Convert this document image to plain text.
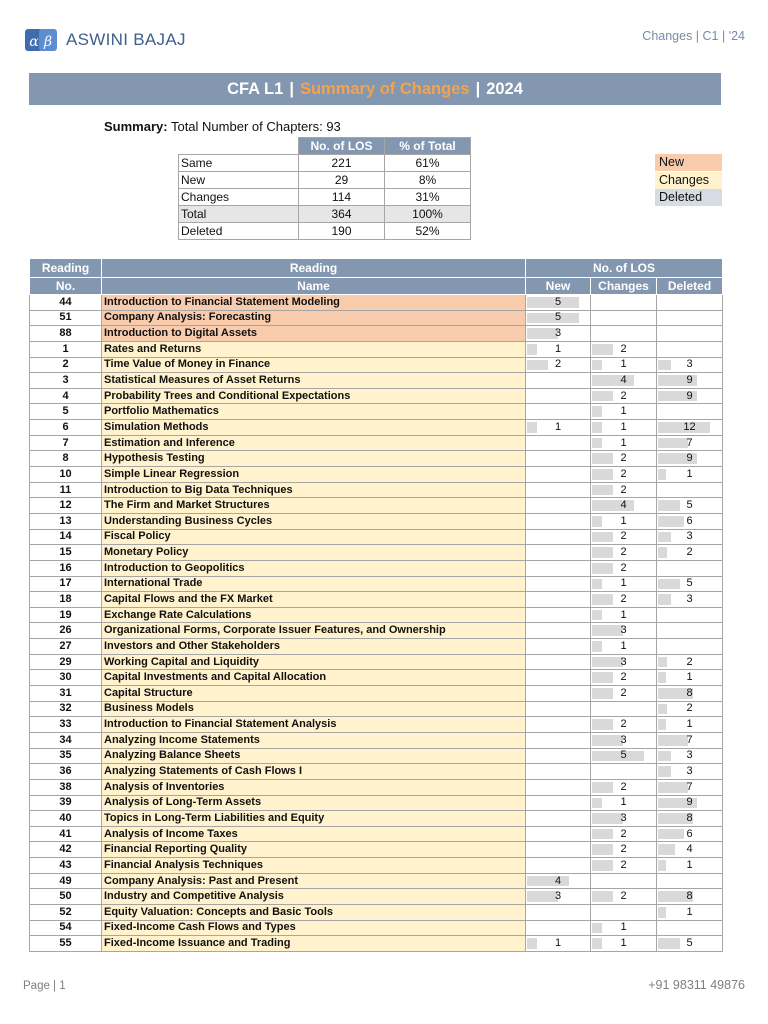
α β ASWINI BAJAJ	Changes | C1 | '24
CFA L1 | Summary of Changes | 2024
Summary: Total Number of Chapters: 93
	No. of LOS	% of Total
Same	221	61%
New	29	8%
Changes	114	31%
Total	364	100%
Deleted	190	52%
New
Changes
Deleted
Reading	Reading	No. of LOS		
No.	Name	New	Changes	Deleted
44	Introduction to Financial Statement Modeling	5		
51	Company Analysis: Forecasting	5		
88	Introduction to Digital Assets	3		
1	Rates and Returns	1	2	
2	Time Value of Money in Finance	2	1	3
3	Statistical Measures of Asset Returns		4	9
4	Probability Trees and Conditional Expectations		2	9
5	Portfolio Mathematics		1	
6	Simulation Methods	1	1	12
7	Estimation and Inference		1	7
8	Hypothesis Testing		2	9
10	Simple Linear Regression		2	1
11	Introduction to Big Data Techniques		2	
12	The Firm and Market Structures		4	5
13	Understanding Business Cycles		1	6
14	Fiscal Policy		2	3
15	Monetary Policy		2	2
16	Introduction to Geopolitics		2	
17	International Trade		1	5
18	Capital Flows and the FX Market		2	3
19	Exchange Rate Calculations		1	
26	Organizational Forms, Corporate Issuer Features, and Ownership		3	
27	Investors and Other Stakeholders		1	
29	Working Capital and Liquidity		3	2
30	Capital Investments and Capital Allocation		2	1
31	Capital Structure		2	8
32	Business Models			2
33	Introduction to Financial Statement Analysis		2	1
34	Analyzing Income Statements		3	7
35	Analyzing Balance Sheets		5	3
36	Analyzing Statements of Cash Flows I			3
38	Analysis of Inventories		2	7
39	Analysis of Long-Term Assets		1	9
40	Topics in Long-Term Liabilities and Equity		3	8
41	Analysis of Income Taxes		2	6
42	Financial Reporting Quality		2	4
43	Financial Analysis Techniques		2	1
49	Company Analysis: Past and Present	4		
50	Industry and Competitive Analysis	3	2	8
52	Equity Valuation: Concepts and Basic Tools			1
54	Fixed-Income Cash Flows and Types		1	
55	Fixed-Income Issuance and Trading	1	1	5
Page | 1	+91 98311 49876
